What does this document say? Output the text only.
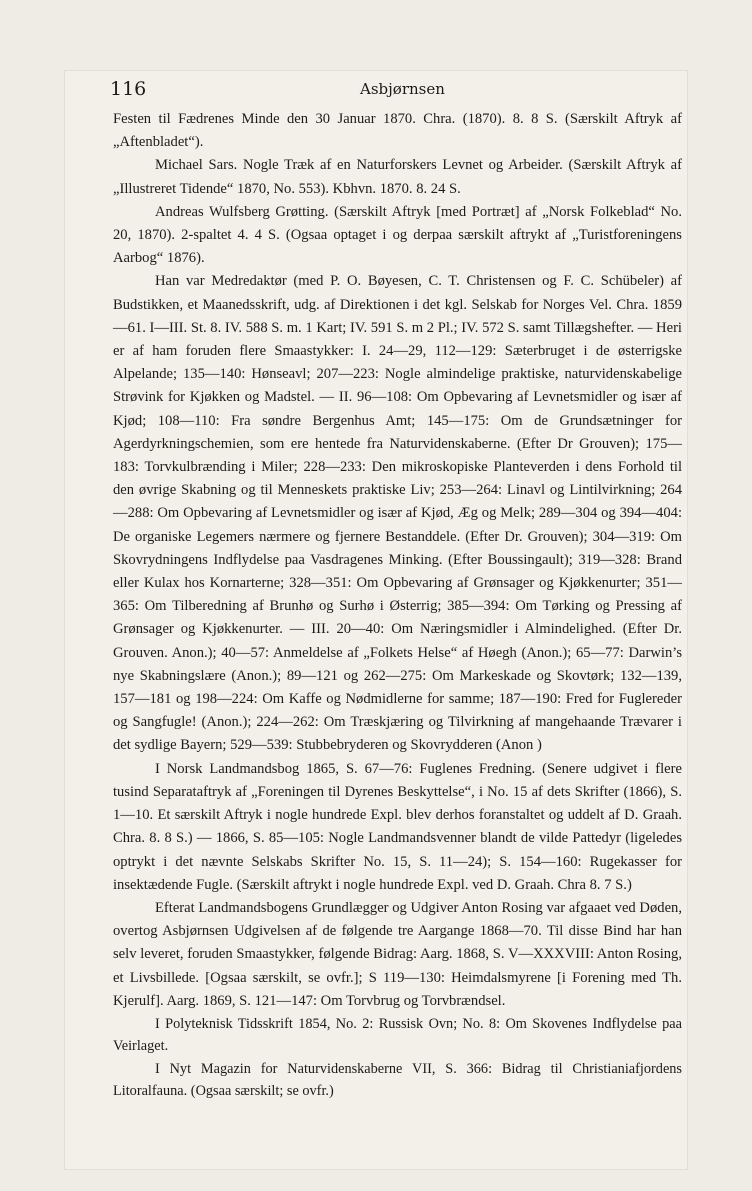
116	Asbjørnsen

Festen til Fædrenes Minde den 30 Januar 1870. Chra. (1870). 8. 8 S. (Særskilt Aftryk af „Aftenbladet“).

Michael Sars. Nogle Træk af en Naturforskers Levnet og Arbeider. (Særskilt Aftryk af „Illustreret Tidende“ 1870, No. 553). Kbhvn. 1870. 8. 24 S.

Andreas Wulfsberg Grøtting. (Særskilt Aftryk [med Portræt] af „Norsk Folkeblad“ No. 20, 1870). 2-spaltet 4. 4 S. (Ogsaa optaget i og derpaa særskilt aftrykt af „Turistforeningens Aarbog“ 1876).

Han var Medredaktør (med P. O. Bøyesen, C. T. Christensen og F. C. Schübeler) af Budstikken, et Maanedsskrift, udg. af Direktionen i det kgl. Selskab for Norges Vel. Chra. 1859—61. I—III. St. 8. IV. 588 S. m. 1 Kart; IV. 591 S. m 2 Pl.; IV. 572 S. samt Tillægshefter. — Heri er af ham foruden flere Smaastykker: I. 24—29, 112—129: Sæterbruget i de østerrigske Alpelande; 135—140: Hønseavl; 207—223: Nogle almindelige praktiske, naturvidenskabelige Strøvink for Kjøkken og Madstel. — II. 96—108: Om Opbevaring af Levnetsmidler og især af Kjød; 108—110: Fra søndre Bergenhus Amt; 145—175: Om de Grundsætninger for Agerdyrkningschemien, som ere hentede fra Naturvidenskaberne. (Efter Dr Grouven); 175—183: Torvkulbrænding i Miler; 228—233: Den mikroskopiske Planteverden i dens Forhold til den øvrige Skabning og til Menneskets praktiske Liv; 253—264: Linavl og Lintilvirkning; 264—288: Om Opbevaring af Levnetsmidler og især af Kjød, Æg og Melk; 289—304 og 394—404: De organiske Legemers nærmere og fjernere Bestanddele. (Efter Dr. Grouven); 304—319: Om Skovrydningens Indflydelse paa Vasdragenes Minking. (Efter Boussingault); 319—328: Brand eller Kulax hos Kornarterne; 328—351: Om Opbevaring af Grønsager og Kjøkkenurter; 351—365: Om Tilberedning af Brunhø og Surhø i Østerrig; 385—394: Om Tørking og Pressing af Grønsager og Kjøkkenurter. — III. 20—40: Om Næringsmidler i Almindelighed. (Efter Dr. Grouven. Anon.); 40—57: Anmeldelse af „Folkets Helse“ af Høegh (Anon.); 65—77: Darwin’s nye Skabningslære (Anon.); 89—121 og 262—275: Om Markeskade og Skovtørk; 132—139, 157—181 og 198—224: Om Kaffe og Nødmidlerne for samme; 187—190: Fred for Fuglereder og Sangfugle! (Anon.); 224—262: Om Træskjæring og Tilvirkning af mangehaande Trævarer i det sydlige Bayern; 529—539: Stubbebryderen og Skovrydderen (Anon )

I Norsk Landmandsbog 1865, S. 67—76: Fuglenes Fredning. (Senere udgivet i flere tusind Separataftryk af „Foreningen til Dyrenes Beskyttelse“, i No. 15 af dets Skrifter (1866), S. 1—10. Et særskilt Aftryk i nogle hundrede Expl. blev derhos foranstaltet og uddelt af D. Graah. Chra. 8. 8 S.) — 1866, S. 85—105: Nogle Landmandsvenner blandt de vilde Pattedyr (ligeledes optrykt i det nævnte Selskabs Skrifter No. 15, S. 11—24); S. 154—160: Rugekasser for insektædende Fugle. (Særskilt aftrykt i nogle hundrede Expl. ved D. Graah. Chra 8. 7 S.)

Efterat Landmandsbogens Grundlægger og Udgiver Anton Rosing var afgaaet ved Døden, overtog Asbjørnsen Udgivelsen af de følgende tre Aargange 1868—70. Til disse Bind har han selv leveret, foruden Smaastykker, følgende Bidrag: Aarg. 1868, S. V—XXXVIII: Anton Rosing, et Livsbillede. [Ogsaa særskilt, se ovfr.]; S 119—130: Heimdalsmyrene [i Forening med Th. Kjerulf]. Aarg. 1869, S. 121—147: Om Torvbrug og Torvbrændsel.

I Polyteknisk Tidsskrift 1854, No. 2: Russisk Ovn; No. 8: Om Skovenes Indflydelse paa Veirlaget.

I Nyt Magazin for Naturvidenskaberne VII, S. 366: Bidrag til Christianiafjordens Litoralfauna. (Ogsaa særskilt; se ovfr.)
